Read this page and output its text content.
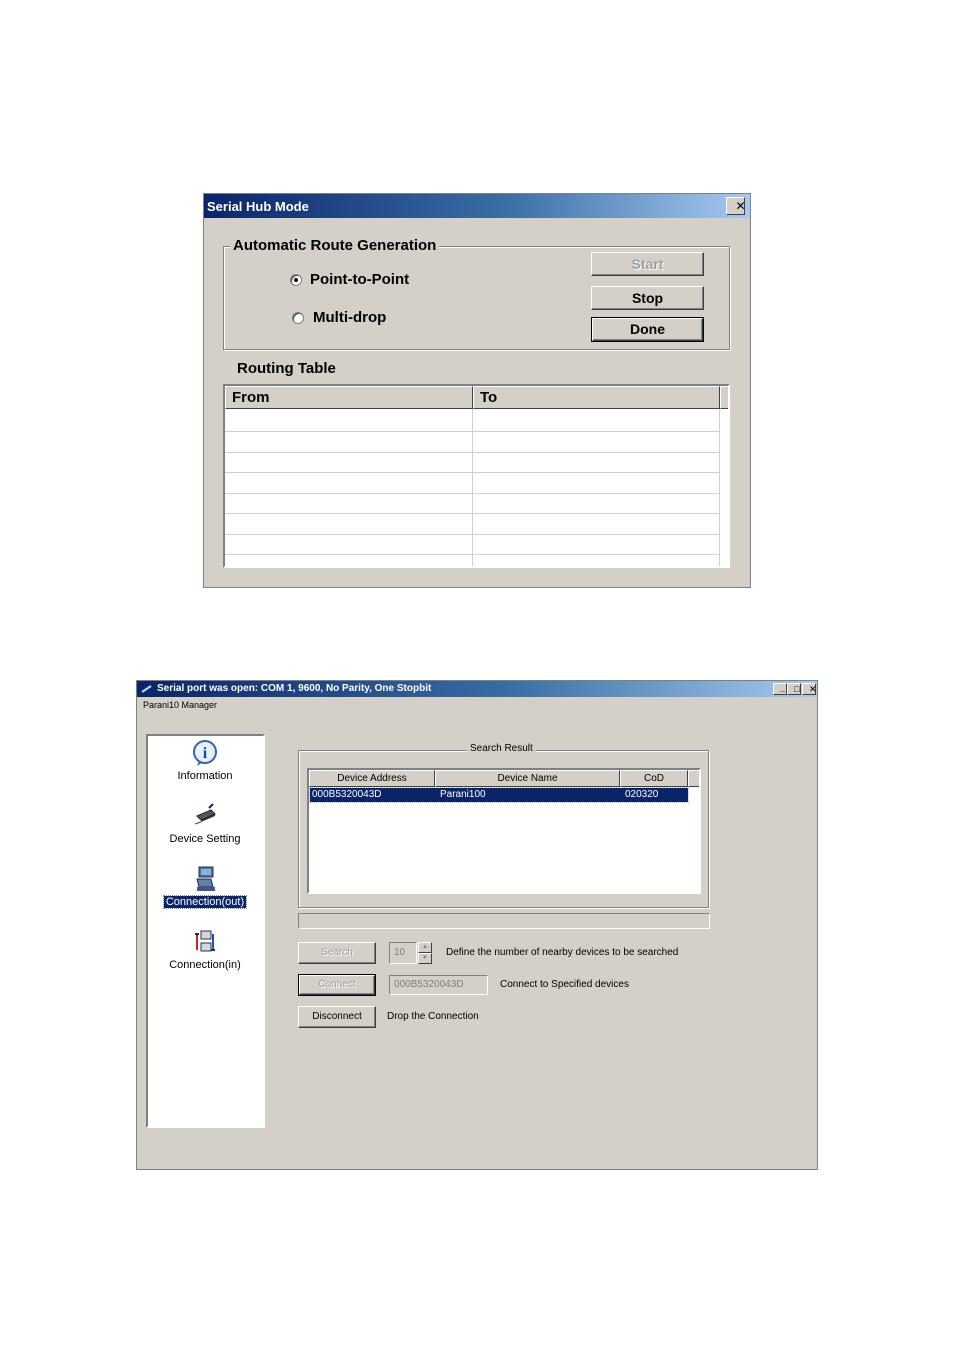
Serial Hub Mode	✕
Automatic Route Generation
Point-to-Point
Multi-drop
Start
Stop
Done
Routing Table
From	To
Serial port was open: COM 1, 9600, No Parity, One Stopbit	_ □ ✕
Parani10 Manager
i
Information
Device Setting
Connection(out)
Connection(in)
Search Result
Device Address	Device Name	CoD
000B5320043D	Parani100	020320
Search	10	▲
▼	Define the number of nearby devices to be searched
Connect	000B5320043D	Connect to Specified devices
Disconnect	Drop the Connection
